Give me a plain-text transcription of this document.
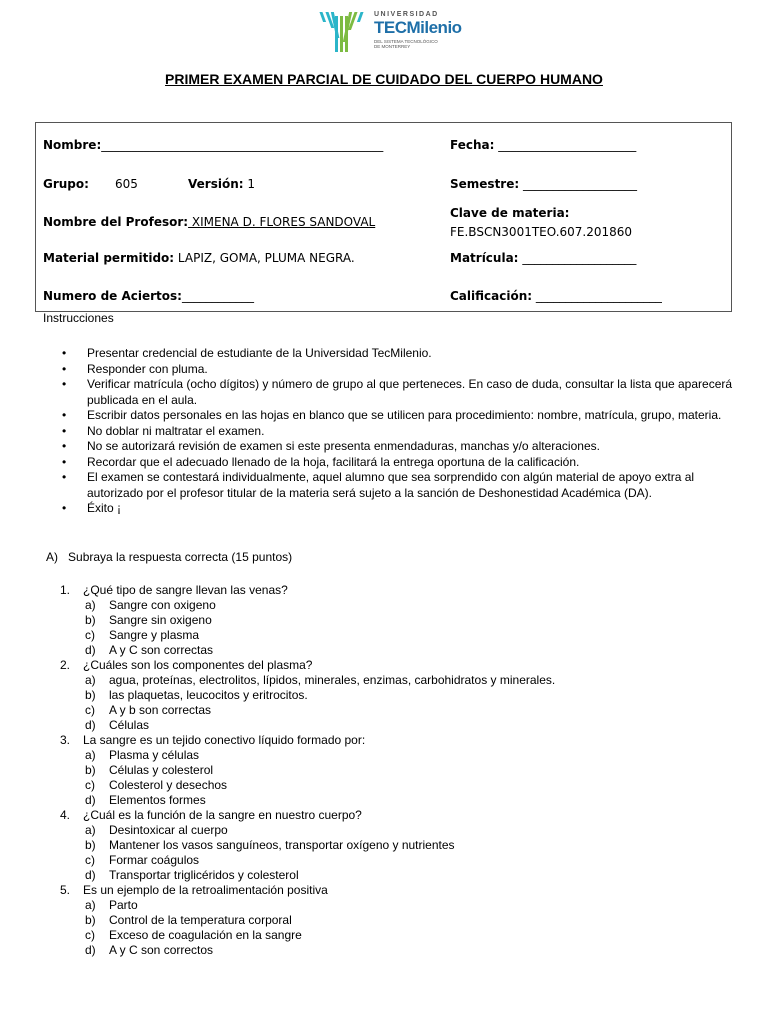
UNIVERSIDAD
TECMilenio
DEL SISTEMA TECNOLÓGICO
DE MONTERREY
PRIMER EXAMEN PARCIAL DE CUIDADO DEL CUERPO HUMANO
Nombre:_______________________________________________	Fecha: _______________________
Grupo: 605	Versión: 1	Semestre: ___________________
Nombre del Profesor: XIMENA D. FLORES SANDOVAL
Clave de materia:
FE.BSCN3001TEO.607.201860
Material permitido: LAPIZ, GOMA, PLUMA NEGRA.	Matrícula: ___________________
Numero de Aciertos:____________	Calificación: _____________________
Instrucciones
• Presentar credencial de estudiante de la Universidad TecMilenio.
• Responder con pluma.
• Verificar matrícula (ocho dígitos) y número de grupo al que perteneces. En caso de duda, consultar la lista que aparecerá publicada en el aula.
• Escribir datos personales en las hojas en blanco que se utilicen para procedimiento: nombre, matrícula, grupo, materia.
• No doblar ni maltratar el examen.
• No se autorizará revisión de examen si este presenta enmendaduras, manchas y/o alteraciones.
• Recordar que el adecuado llenado de la hoja, facilitará la entrega oportuna de la calificación.
• El examen se contestará individualmente, aquel alumno que sea sorprendido con algún material de apoyo extra al autorizado por el profesor titular de la materia será sujeto a la sanción de Deshonestidad Académica (DA).
• Éxito ¡
A) Subraya la respuesta correcta (15 puntos)
1. ¿Qué tipo de sangre llevan las venas?
a) Sangre con oxigeno
b) Sangre sin oxigeno
c) Sangre y plasma
d) A y C son correctas
2. ¿Cuáles son los componentes del plasma?
a) agua, proteínas, electrolitos, lípidos, minerales, enzimas, carbohidratos y minerales.
b) las plaquetas, leucocitos y eritrocitos.
c) A y b son correctas
d) Células
3. La sangre es un tejido conectivo líquido formado por:
a) Plasma y células
b) Células y colesterol
c) Colesterol y desechos
d) Elementos formes
4. ¿Cuál es la función de la sangre en nuestro cuerpo?
a) Desintoxicar al cuerpo
b) Mantener los vasos sanguíneos, transportar oxígeno y nutrientes
c) Formar coágulos
d) Transportar triglicéridos y colesterol
5. Es un ejemplo de la retroalimentación positiva
a) Parto
b) Control de la temperatura corporal
c) Exceso de coagulación en la sangre
d) A y C son correctos
